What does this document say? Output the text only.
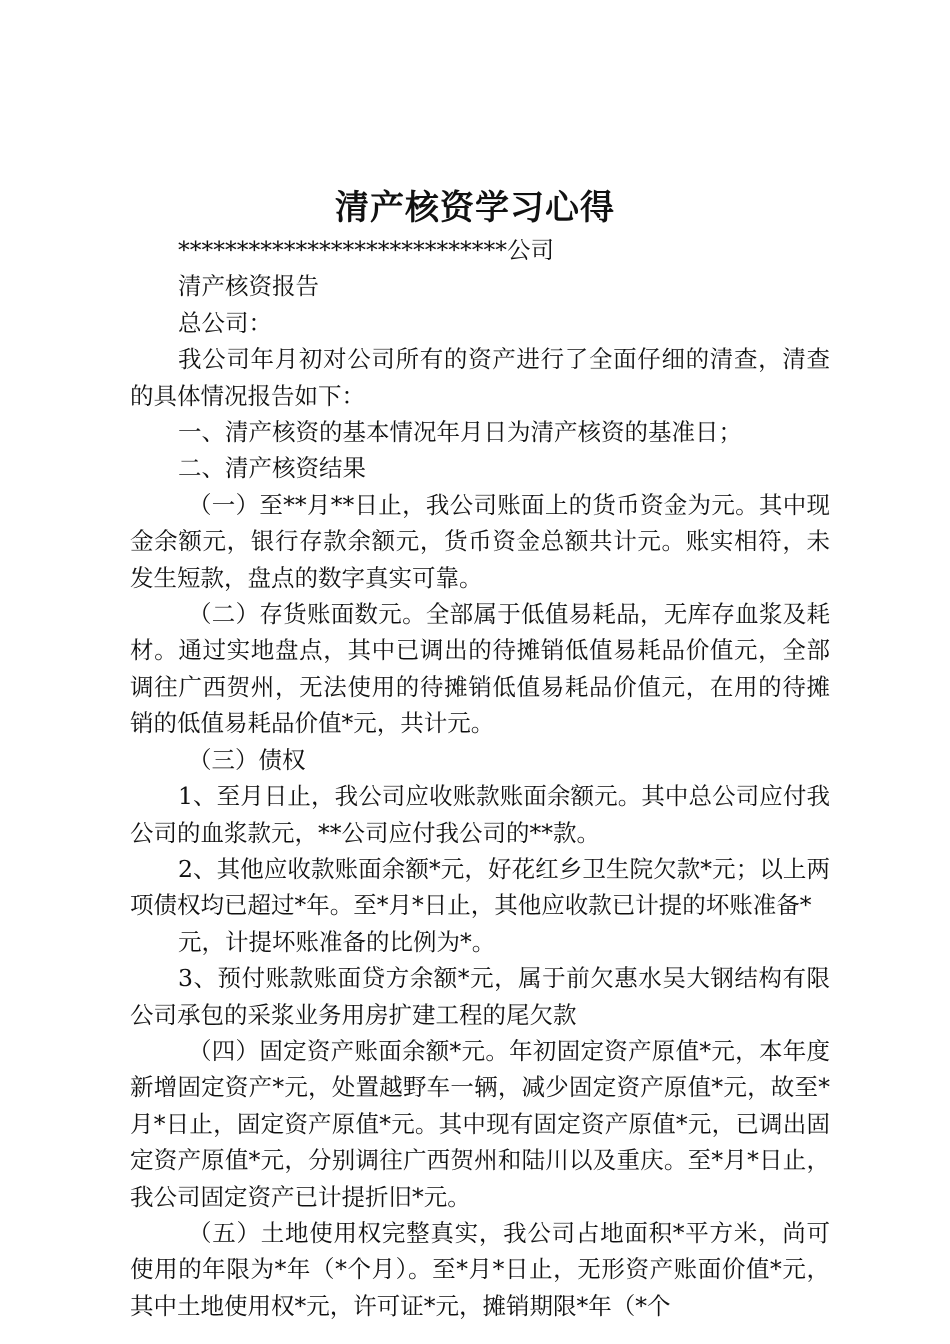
清产核资学习心得

****************************公司

清产核资报告

总公司：

我公司年月初对公司所有的资产进行了全面仔细的清查，清查的具体情况报告如下：

一、清产核资的基本情况年月日为清产核资的基准日；

二、清产核资结果

（一）至**月**日止，我公司账面上的货币资金为元。其中现金余额元，银行存款余额元，货币资金总额共计元。账实相符，未发生短款，盘点的数字真实可靠。

（二）存货账面数元。全部属于低值易耗品，无库存血浆及耗材。通过实地盘点，其中已调出的待摊销低值易耗品价值元，全部调往广西贺州，无法使用的待摊销低值易耗品价值元，在用的待摊销的低值易耗品价值*元，共计元。

（三）债权

1、至月日止，我公司应收账款账面余额元。其中总公司应付我公司的血浆款元，**公司应付我公司的**款。

2、其他应收款账面余额*元，好花红乡卫生院欠款*元；以上两项债权均已超过*年。至*月*日止，其他应收款已计提的坏账准备*

元，计提坏账准备的比例为*。

3、预付账款账面贷方余额*元，属于前欠惠水吴大钢结构有限公司承包的采浆业务用房扩建工程的尾欠款

（四）固定资产账面余额*元。年初固定资产原值*元，本年度新增固定资产*元，处置越野车一辆，减少固定资产原值*元，故至*月*日止，固定资产原值*元。其中现有固定资产原值*元，已调出固定资产原值*元，分别调往广西贺州和陆川以及重庆。至*月*日止，我公司固定资产已计提折旧*元。

（五）土地使用权完整真实，我公司占地面积*平方米，尚可使用的年限为*年（*个月）。至*月*日止，无形资产账面价值*元，其中土地使用权*元，许可证*元，摊销期限*年（*个
